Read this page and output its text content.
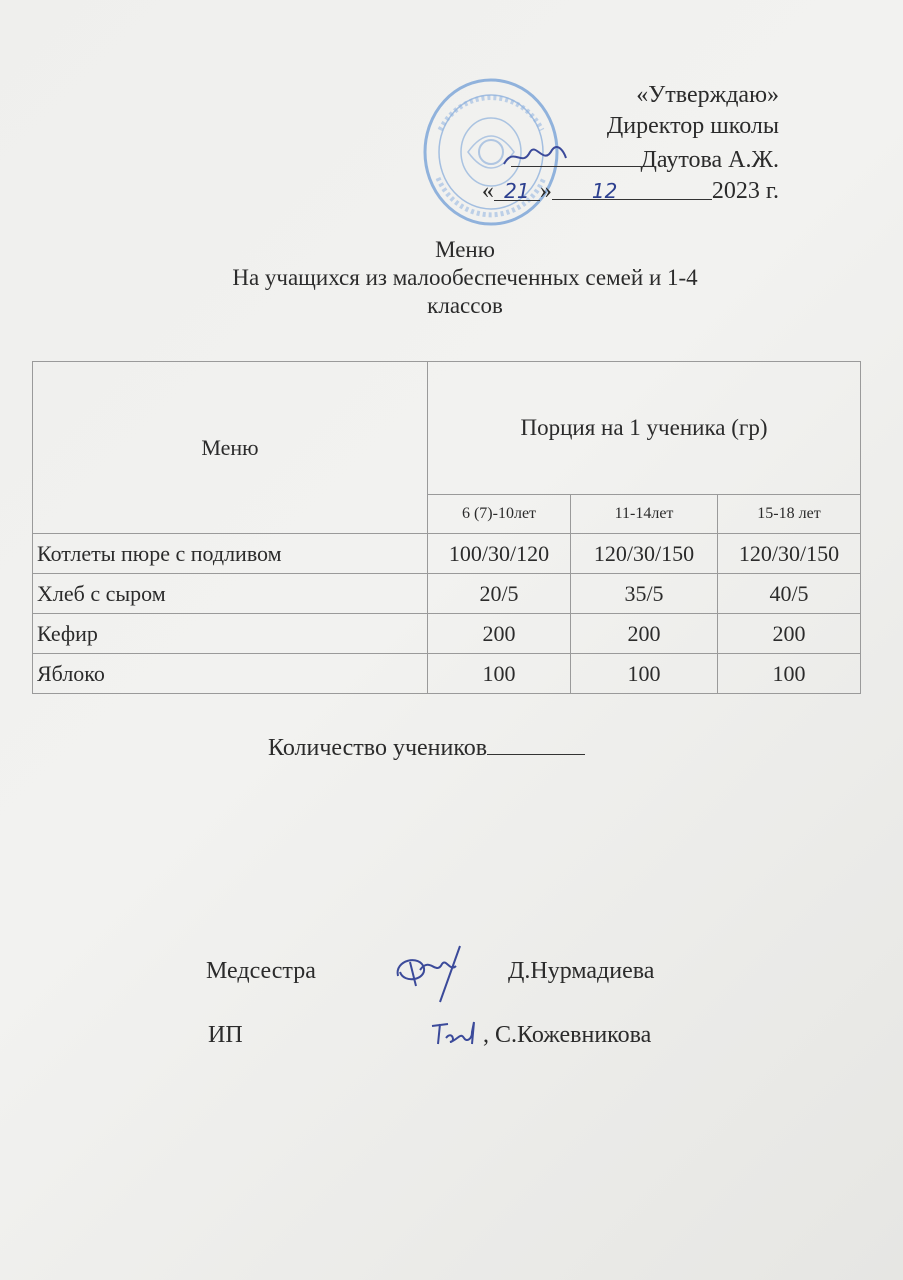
«Утверждаю»
Директор школы
Даутова А.Ж.
« 21 »	12	2023 г.
Меню
На учащихся из малообеспеченных семей и 1-4
классов
Меню	Порция на 1 ученика (гр)		
	6 (7)-10лет	11-14лет	15-18 лет
Котлеты пюре с подливом	100/30/120	120/30/150	120/30/150
Хлеб с сыром	20/5	35/5	40/5
Кефир	200	200	200
Яблоко	100	100	100
Количество учеников
Медсестра	Д.Нурмадиева
ИП	, С.Кожевникова
